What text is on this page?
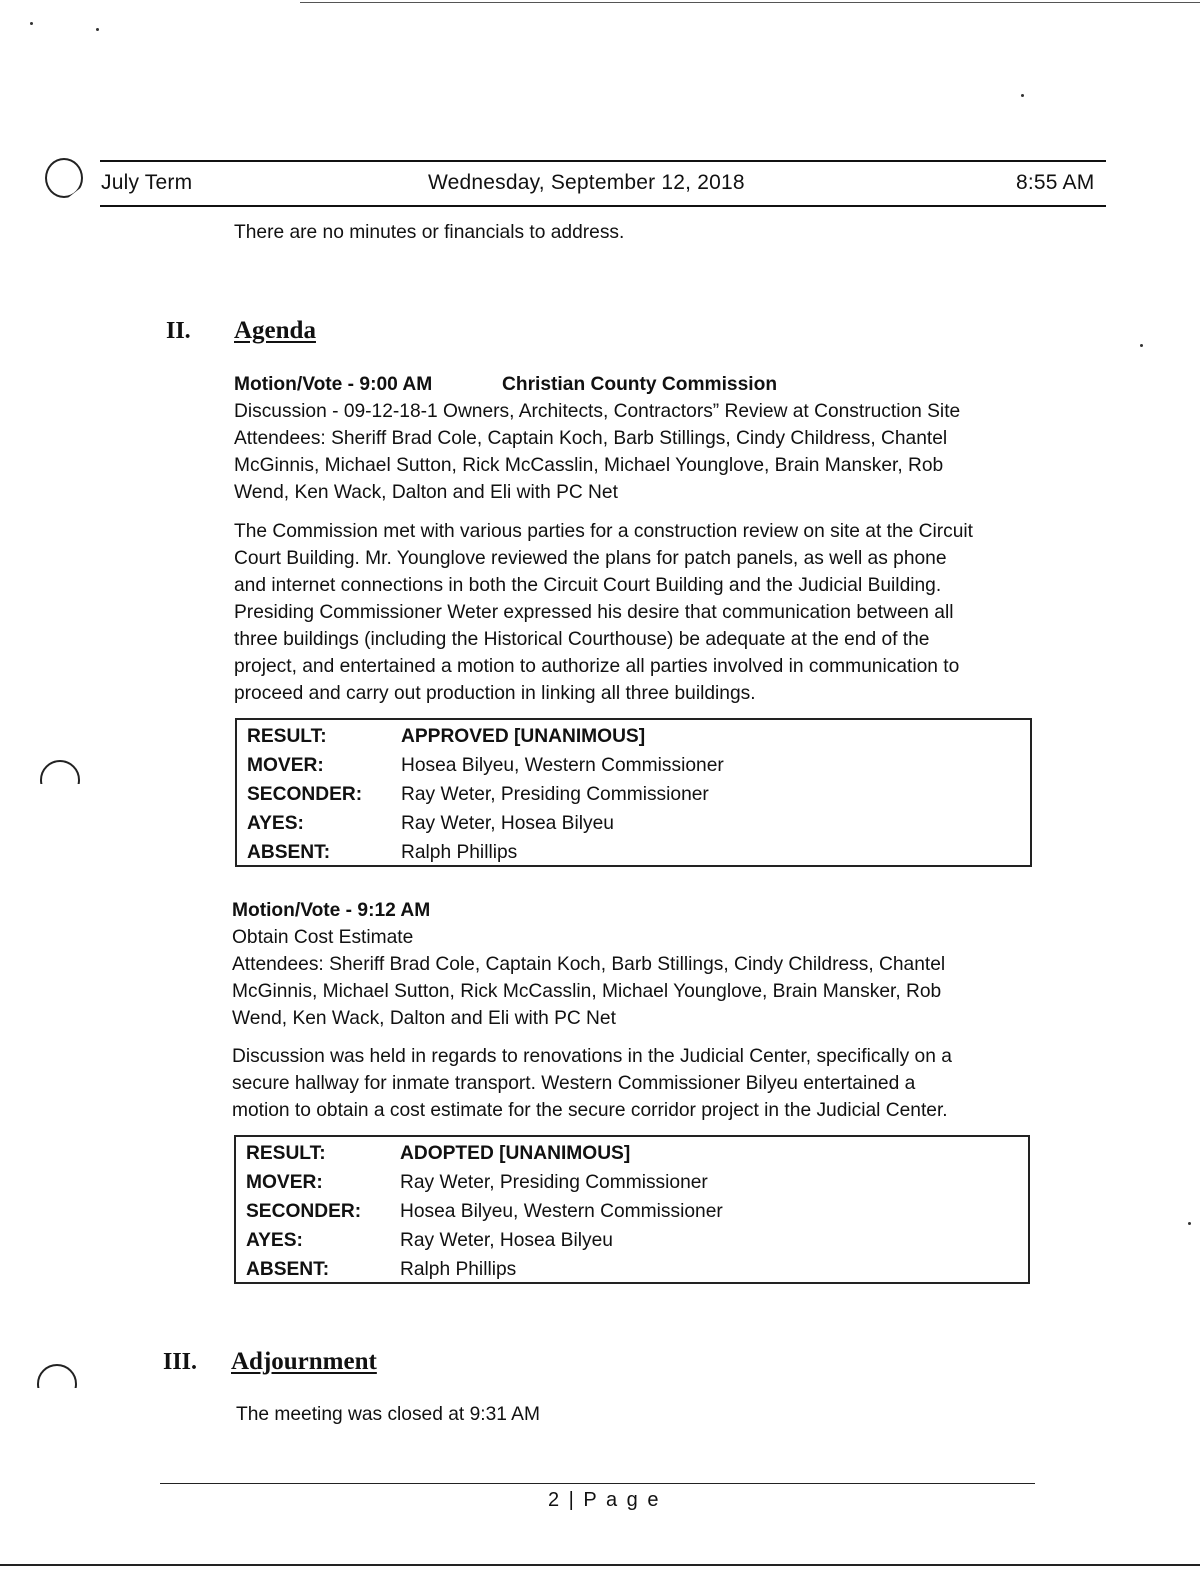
July Term	Wednesday, September 12, 2018	8:55 AM
There are no minutes or financials to address.
II. Agenda
Motion/Vote - 9:00 AM	Christian County Commission
Discussion - 09-12-18-1 Owners, Architects, Contractors” Review at Construction Site
Attendees: Sheriff Brad Cole, Captain Koch, Barb Stillings, Cindy Childress, Chantel
McGinnis, Michael Sutton, Rick McCasslin, Michael Younglove, Brain Mansker, Rob
Wend, Ken Wack, Dalton and Eli with PC Net
The Commission met with various parties for a construction review on site at the Circuit
Court Building. Mr. Younglove reviewed the plans for patch panels, as well as phone
and internet connections in both the Circuit Court Building and the Judicial Building.
Presiding Commissioner Weter expressed his desire that communication between all
three buildings (including the Historical Courthouse) be adequate at the end of the
project, and entertained a motion to authorize all parties involved in communication to
proceed and carry out production in linking all three buildings.
RESULT:	APPROVED [UNANIMOUS]
MOVER:	Hosea Bilyeu, Western Commissioner
SECONDER: Ray Weter, Presiding Commissioner
AYES:	Ray Weter, Hosea Bilyeu
ABSENT:	Ralph Phillips
Motion/Vote - 9:12 AM
Obtain Cost Estimate
Attendees: Sheriff Brad Cole, Captain Koch, Barb Stillings, Cindy Childress, Chantel
McGinnis, Michael Sutton, Rick McCasslin, Michael Younglove, Brain Mansker, Rob
Wend, Ken Wack, Dalton and Eli with PC Net
Discussion was held in regards to renovations in the Judicial Center, specifically on a
secure hallway for inmate transport. Western Commissioner Bilyeu entertained a
motion to obtain a cost estimate for the secure corridor project in the Judicial Center.
RESULT:	ADOPTED [UNANIMOUS]
MOVER:	Ray Weter, Presiding Commissioner
SECONDER: Hosea Bilyeu, Western Commissioner
AYES:	Ray Weter, Hosea Bilyeu
ABSENT:	Ralph Phillips
III. Adjournment
The meeting was closed at 9:31 AM
2 | P a g e
